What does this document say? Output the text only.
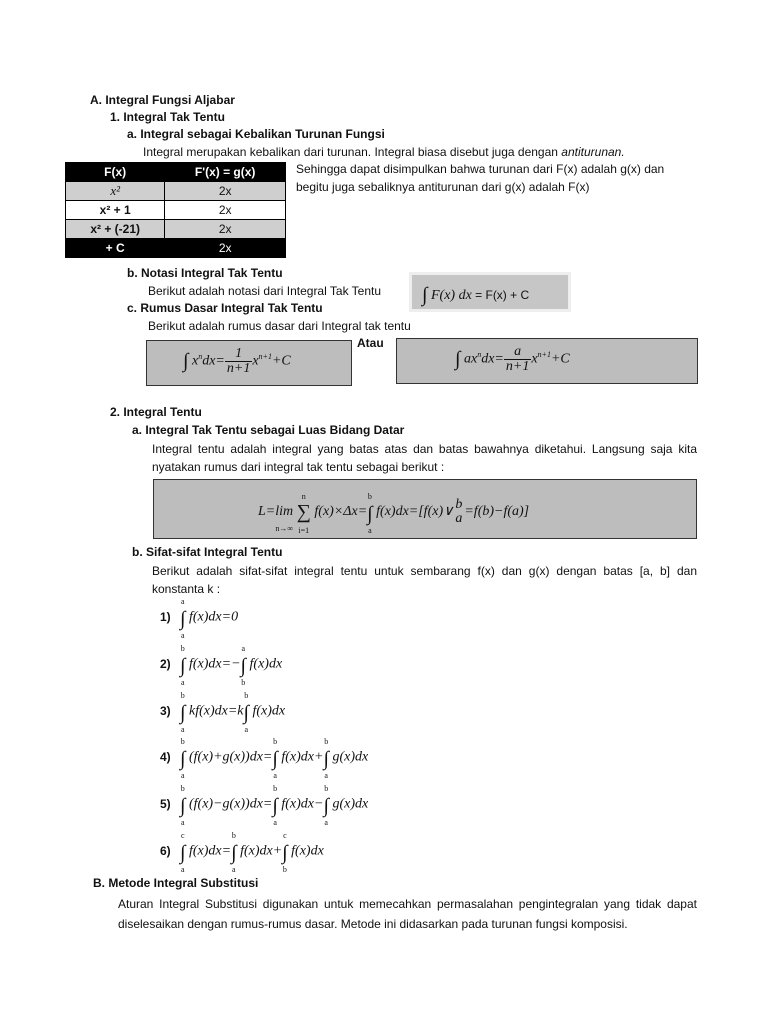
A. Integral Fungsi Aljabar
1. Integral Tak Tentu
a. Integral sebagai Kebalikan Turunan Fungsi
Integral merupakan kebalikan dari turunan. Integral biasa disebut juga dengan antiturunan.
F(x)	F'(x) = g(x)
x²	2x
x² + 1	2x
x² + (-21)	2x
+ C	2x
Sehingga dapat disimpulkan bahwa turunan dari F(x) adalah g(x) dan
begitu juga sebaliknya antiturunan dari g(x) adalah F(x)
b. Notasi Integral Tak Tentu
Berikut adalah notasi dari Integral Tak Tentu ∫ F(x) dx = F(x) + C
c. Rumus Dasar Integral Tak Tentu
Berikut adalah rumus dasar dari Integral tak tentu
∫ $x^ndx= \frac{1}{n+1} x^{n+1}+C$
Atau
∫ $ax^ndx= \frac{a}{n+1} x^{n+1}+C$
2. Integral Tentu
a. Integral Tak Tentu sebagai Luas Bidang Datar
Integral tentu adalah integral yang batas atas dan batas bawahnya diketahui. Langsung saja kita nyatakan rumus dari integral tak tentu sebagai berikut :
L=lim
n→∞
∑
n
i=1
f(x)×Δx=∫
b
a
f(x)dx=[f(x)∨ b
a =f(b)−f(a)]
b. Sifat-sifat Integral Tentu
Berikut adalah sifat-sifat integral tentu untuk sembarang f(x) dan g(x) dengan batas [a, b] dan konstanta k :
1) ∫
a
a
f(x)dx=0
2) ∫
b
a
f(x)dx=−∫
a
b
f(x)dx
3) ∫
b
a
kf(x)dx=k∫
b
a
f(x)dx
4) ∫
b
a
(f(x)+g(x))dx=∫
b
a
f(x)dx+∫
b
a
g(x)dx
5) ∫
b
a
(f(x)−g(x))dx=∫
b
a
f(x)dx−∫
b
a
g(x)dx
6) ∫
c
a
f(x)dx=∫
b
a
f(x)dx+∫
c
b
f(x)dx
B. Metode Integral Substitusi
Aturan Integral Substitusi digunakan untuk memecahkan permasalahan pengintegralan yang tidak dapat diselesaikan dengan rumus-rumus dasar. Metode ini didasarkan pada turunan fungsi komposisi.
